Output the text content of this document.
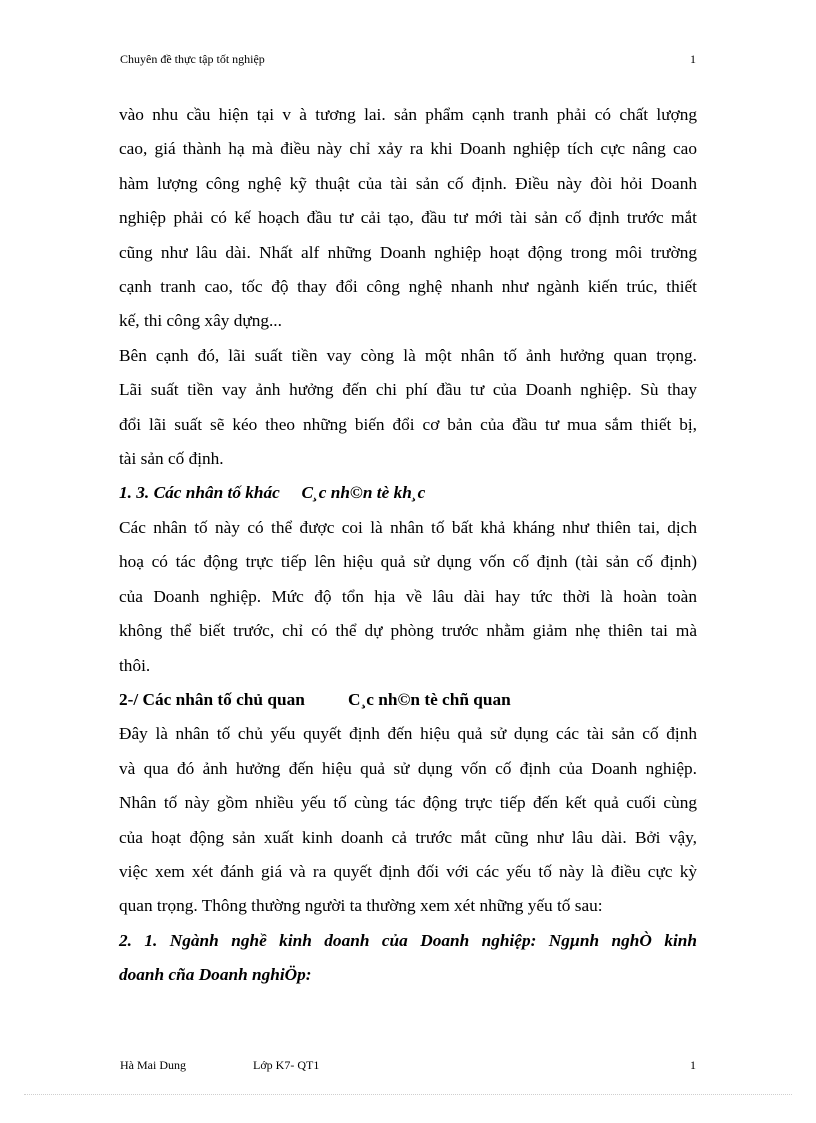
Chuyên đề thực tập tốt nghiệp	1
vào nhu cầu hiện tại v à tương lai. sản phẩm cạnh tranh phải có chất lượng
cao, giá thành hạ mà điều này chỉ xảy ra khi Doanh nghiệp tích cực nâng cao
hàm lượng công nghệ kỹ thuật của tài sản cố định. Điều này đòi hỏi Doanh
nghiệp phải có kế hoạch đầu tư cải tạo, đầu tư mới tài sản cố định trước mắt
cũng như lâu dài. Nhất alf những Doanh nghiệp hoạt động trong môi trường
cạnh tranh cao, tốc độ thay đổi công nghệ nhanh như ngành kiến trúc, thiết
kế, thi công xây dựng...
Bên cạnh đó, lãi suất tiền vay còng là một nhân tố ảnh hưởng quan trọng.
Lãi suất tiền vay ảnh hưởng đến chi phí đầu tư của Doanh nghiệp. Sù thay
đổi lãi suất sẽ kéo theo những biến đổi cơ bản của đầu tư mua sắm thiết bị,
tài sản cố định.
1. 3. Các nhân tố khác     C¸c nh©n tè kh¸c
Các nhân tố này có thể được coi là nhân tố bất khả kháng như thiên tai, dịch
hoạ có tác động trực tiếp lên hiệu quả sử dụng vốn cố định (tài sản cố định)
của Doanh nghiệp. Mức độ tổn hịa về lâu dài hay tức thời là hoàn toàn
không thể biết trước, chỉ có thể dự phòng trước nhằm giảm nhẹ thiên tai mà
thôi.
2-/ Các nhân tố chủ quan          C¸c nh©n tè chñ quan
Đây là nhân tố chủ yếu quyết định đến hiệu quả sử dụng các tài sản cố định
và qua đó ảnh hưởng đến hiệu quả sử dụng vốn cố định của Doanh nghiệp.
Nhân tố này gồm nhiều yếu tố cùng tác động trực tiếp đến kết quả cuối cùng
của hoạt động sản xuất kinh doanh cả trước mắt cũng như lâu dài. Bởi vậy,
việc xem xét đánh giá và ra quyết định đối với các yếu tố này là điều cực kỳ
quan trọng. Thông thường người ta thường xem xét những yếu tố sau:
2. 1. Ngành nghề kinh doanh của Doanh nghiệp: Ngµnh nghÒ kinh
doanh cña Doanh nghiÖp:
Hà Mai Dung	Lớp K7- QT1	1
